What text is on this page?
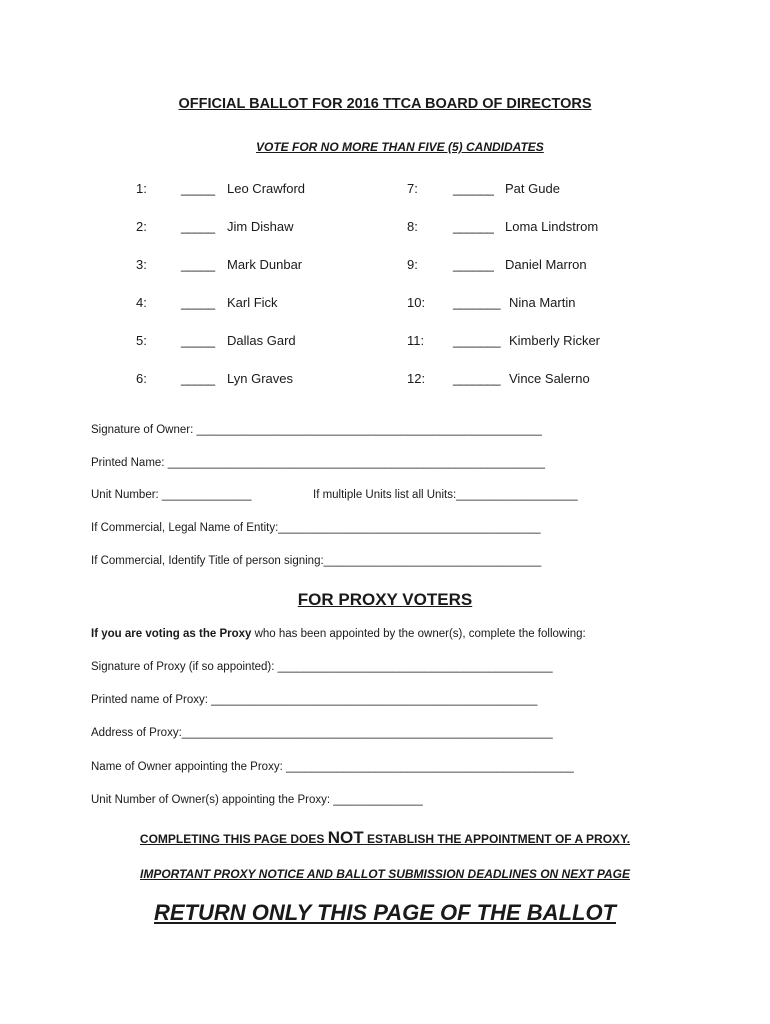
OFFICIAL BALLOT FOR 2016 TTCA BOARD OF DIRECTORS
VOTE FOR NO MORE THAN FIVE (5) CANDIDATES
1:	_____ Leo Crawford
2:	_____ Jim Dishaw
3:	_____ Mark Dunbar
4:	_____ Karl Fick
5:	_____ Dallas Gard
6:	_____ Lyn Graves
7:	______ Pat Gude
8:	______ Loma Lindstrom
9:	______ Daniel Marron
10: _______ Nina Martin
11: _______ Kimberly Ricker
12: _______ Vince Salerno
Signature of Owner: ______________________________________________________
Printed Name: ___________________________________________________________
Unit Number: ______________	If multiple Units list all Units:___________________
If Commercial, Legal Name of Entity:_________________________________________
If Commercial, Identify Title of person signing:__________________________________
FOR PROXY VOTERS
If you are voting as the Proxy who has been appointed by the owner(s), complete the following:
Signature of Proxy (if so appointed): ___________________________________________
Printed name of Proxy: ___________________________________________________
Address of Proxy:__________________________________________________________
Name of Owner appointing the Proxy: _____________________________________________
Unit Number of Owner(s) appointing the Proxy: ______________
COMPLETING THIS PAGE DOES NOT ESTABLISH THE APPOINTMENT OF A PROXY.
IMPORTANT PROXY NOTICE AND BALLOT SUBMISSION DEADLINES ON NEXT PAGE
RETURN ONLY THIS PAGE OF THE BALLOT
